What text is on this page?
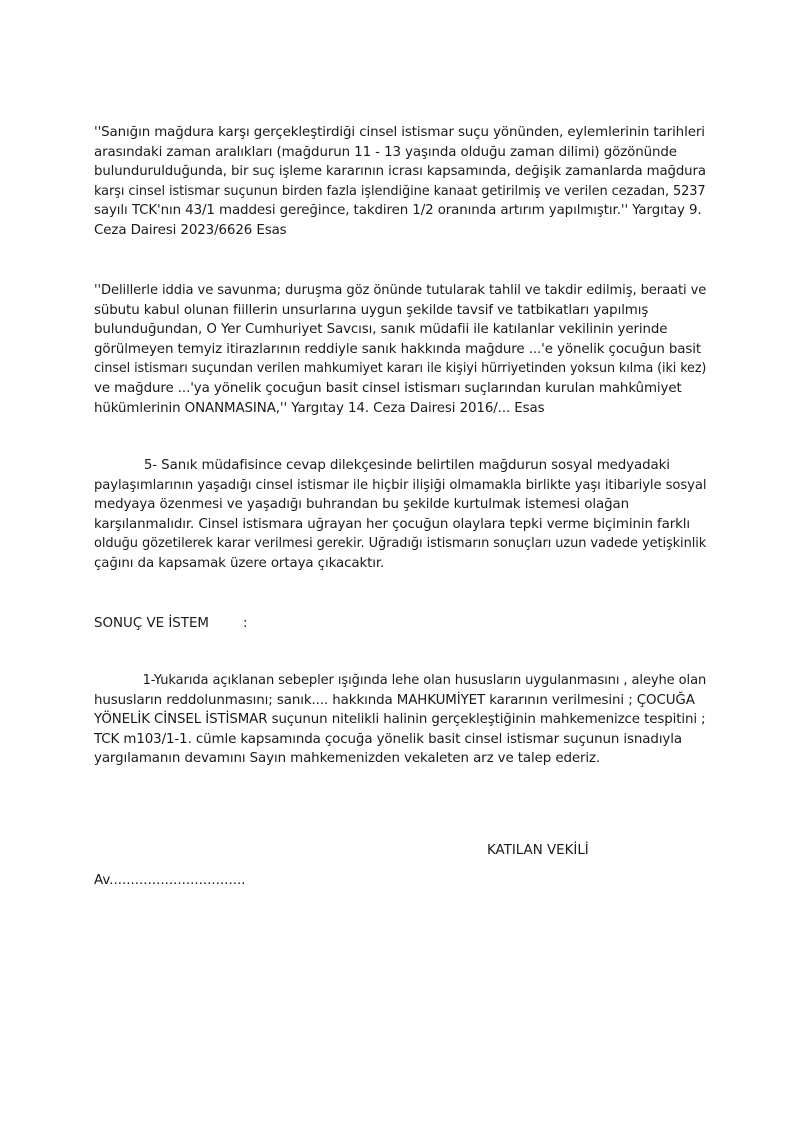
''Sanığın mağdura karşı gerçekleştirdiği cinsel istismar suçu yönünden, eylemlerinin tarihleri
arasındaki zaman aralıkları (mağdurun 11 - 13 yaşında olduğu zaman dilimi) gözönünde
bulundurulduğunda, bir suç işleme kararının icrası kapsamında, değişik zamanlarda mağdura karşı cinsel istismar suçunun birden fazla işlendiğine kanaat getirilmiş ve verilen cezadan, 5237
sayılı TCK'nın 43/1 maddesi gereğince, takdiren 1/2 oranında artırım yapılmıştır.'' Yargıtay 9.
Ceza Dairesi 2023/6626 Esas

''Delillerle iddia ve savunma; duruşma göz önünde tutularak tahlil ve takdir edilmiş, beraati ve
sübutu kabul olunan fiillerin unsurlarına uygun şekilde tavsif ve tatbikatları yapılmış
bulunduğundan, O Yer Cumhuriyet Savcısı, sanık müdafii ile katılanlar vekilinin yerinde
görülmeyen temyiz itirazlarının reddiyle sanık hakkında mağdure ...'e yönelik çocuğun basit
cinsel istismarı suçundan verilen mahkumiyet kararı ile kişiyi hürriyetinden yoksun kılma (iki kez)
ve mağdure ...'ya yönelik çocuğun basit cinsel istismarı suçlarından kurulan mahkûmiyet
hükümlerinin ONANMASINA,'' Yargıtay 14. Ceza Dairesi 2016/... Esas

5- Sanık müdafisince cevap dilekçesinde belirtilen mağdurun sosyal medyadaki
paylaşımlarının yaşadığı cinsel istismar ile hiçbir ilişiği olmamakla birlikte yaşı itibariyle sosyal
medyaya özenmesi ve yaşadığı buhrandan bu şekilde kurtulmak istemesi olağan
karşılanmalıdır. Cinsel istismara uğrayan her çocuğun olaylara tepki verme biçiminin farklı
olduğu gözetilerek karar verilmesi gerekir. Uğradığı istismarın sonuçları uzun vadede yetişkinlik
çağını da kapsamak üzere ortaya çıkacaktır.

SONUÇ VE İSTEM        :

1-Yukarıda açıklanan sebepler ışığında lehe olan hususların uygulanmasını , aleyhe olan
hususların reddolunmasını; sanık.... hakkında MAHKUMİYET kararının verilmesini ; ÇOCUĞA
YÖNELİK CİNSEL İSTİSMAR suçunun nitelikli halinin gerçekleştiğinin mahkemenizce tespitini ;
TCK m103/1-1. cümle kapsamında çocuğa yönelik basit cinsel istismar suçunun isnadıyla
yargılamanın devamını Sayın mahkemenizden vekaleten arz ve talep ederiz.

KATILAN VEKİLİ
Av................................
